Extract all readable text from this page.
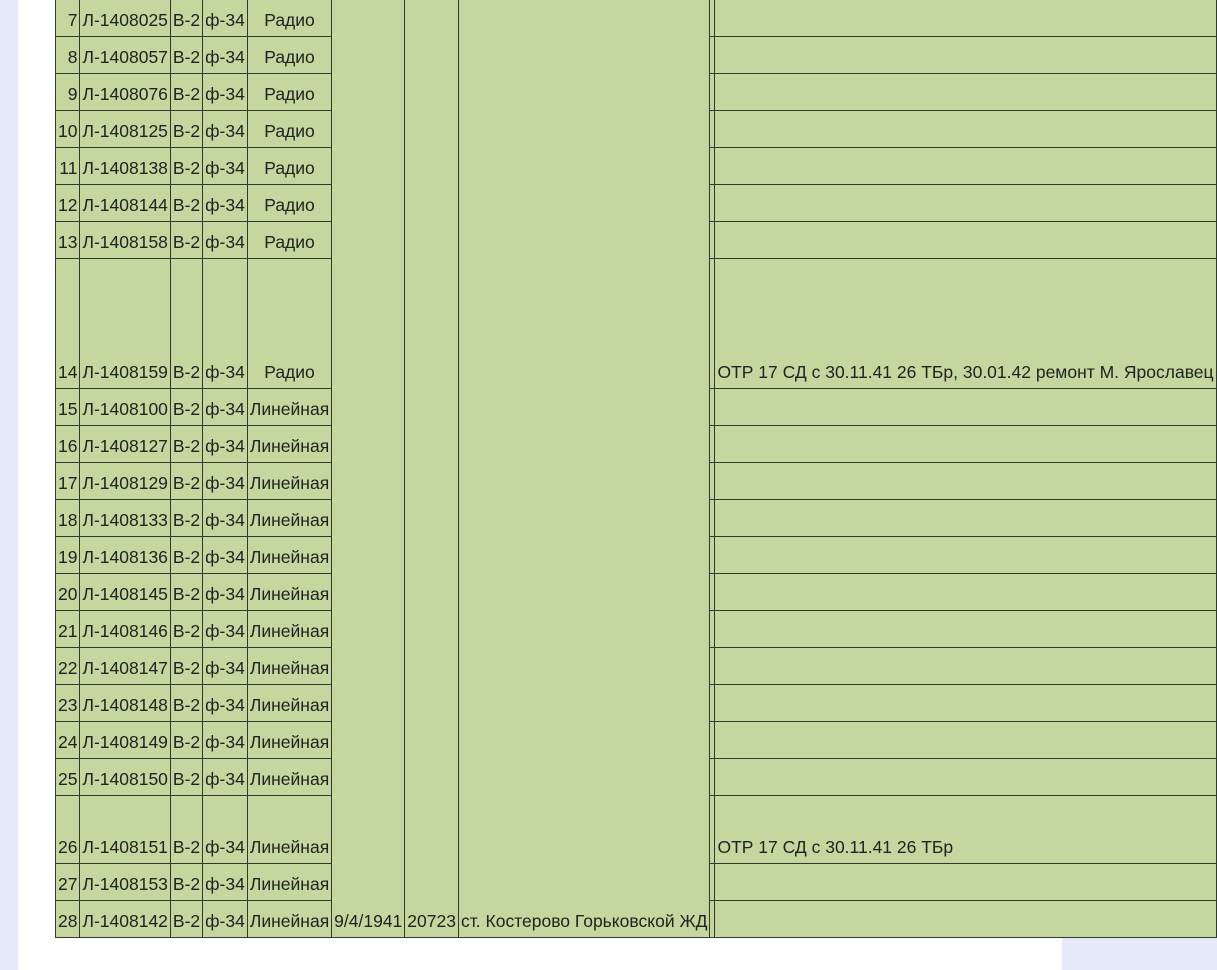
7	Л-1408025	В-2	ф-34	Радио	9/4/1941	20723	ст. Костерово Горьковской ЖД		
8	Л-1408057	В-2	ф-34	Радио					
9	Л-1408076	В-2	ф-34	Радио					
10	Л-1408125	В-2	ф-34	Радио					
11	Л-1408138	В-2	ф-34	Радио					
12	Л-1408144	В-2	ф-34	Радио					
13	Л-1408158	В-2	ф-34	Радио					
14	Л-1408159	В-2	ф-34	Радио					ОТР 17 СД с 30.11.41 26 ТБр, 30.01.42 ремонт М. Ярославец
15	Л-1408100	В-2	ф-34	Линейная					
16	Л-1408127	В-2	ф-34	Линейная					
17	Л-1408129	В-2	ф-34	Линейная					
18	Л-1408133	В-2	ф-34	Линейная					
19	Л-1408136	В-2	ф-34	Линейная					
20	Л-1408145	В-2	ф-34	Линейная					
21	Л-1408146	В-2	ф-34	Линейная					
22	Л-1408147	В-2	ф-34	Линейная					
23	Л-1408148	В-2	ф-34	Линейная					
24	Л-1408149	В-2	ф-34	Линейная					
25	Л-1408150	В-2	ф-34	Линейная					
26	Л-1408151	В-2	ф-34	Линейная					ОТР 17 СД с 30.11.41 26 ТБр
27	Л-1408153	В-2	ф-34	Линейная					
28	Л-1408142	В-2	ф-34	Линейная					
